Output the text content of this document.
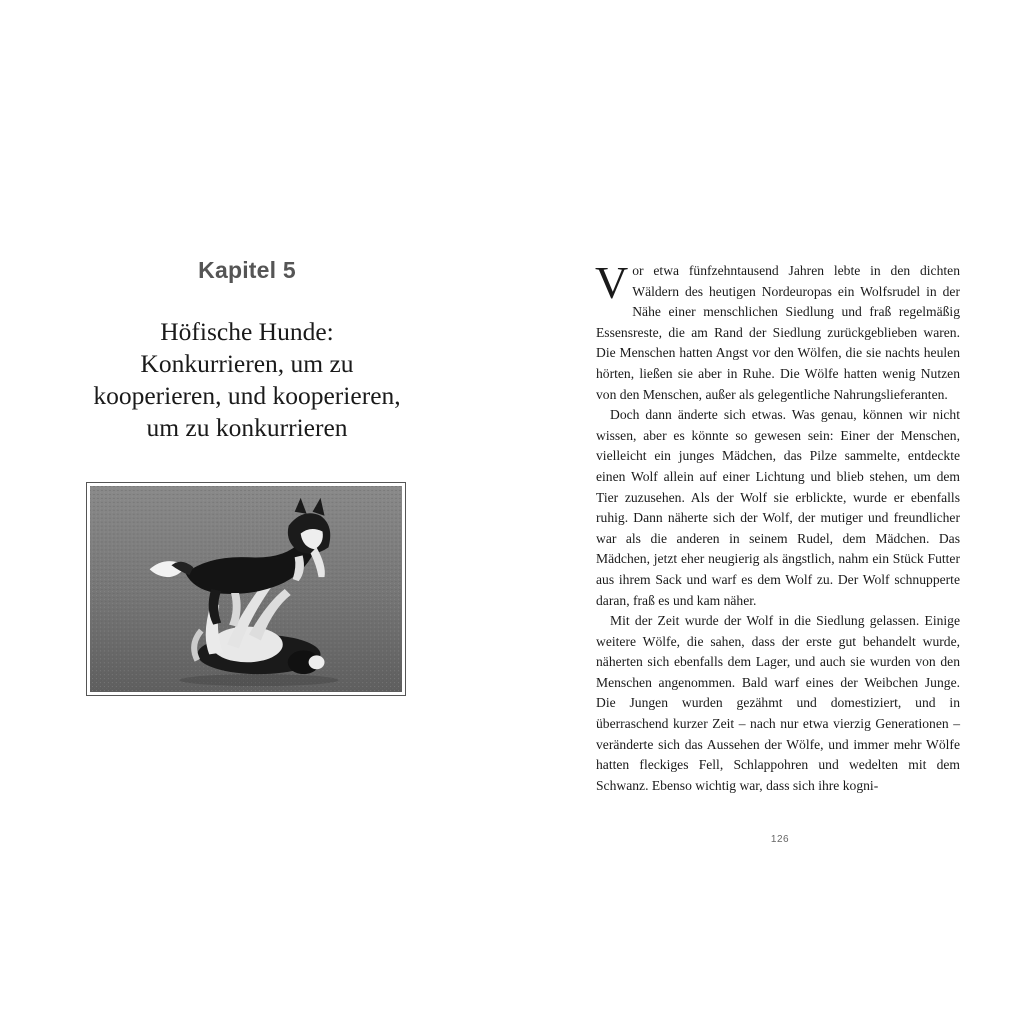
Kapitel 5
Höfische Hunde:
Konkurrieren, um zu
kooperieren, und kooperieren,
um zu konkurrieren

Vor etwa fünfzehntausend Jahren lebte in den dichten Wäldern des heutigen Nordeuropas ein Wolfsrudel in der Nähe einer menschlichen Siedlung und fraß regelmäßig Essensreste, die am Rand der Siedlung zurückgeblieben waren. Die Menschen hatten Angst vor den Wölfen, die sie nachts heulen hörten, ließen sie aber in Ruhe. Die Wölfe hatten wenig Nutzen von den Menschen, außer als gelegentliche Nahrungslieferanten.

Doch dann änderte sich etwas. Was genau, können wir nicht wissen, aber es könnte so gewesen sein: Einer der Menschen, vielleicht ein junges Mädchen, das Pilze sammelte, entdeckte einen Wolf allein auf einer Lichtung und blieb stehen, um dem Tier zuzusehen. Als der Wolf sie erblickte, wurde er ebenfalls ruhig. Dann näherte sich der Wolf, der mutiger und freundlicher war als die anderen in seinem Rudel, dem Mädchen. Das Mädchen, jetzt eher neugierig als ängstlich, nahm ein Stück Futter aus ihrem Sack und warf es dem Wolf zu. Der Wolf schnupperte daran, fraß es und kam näher.

Mit der Zeit wurde der Wolf in die Siedlung gelassen. Einige weitere Wölfe, die sahen, dass der erste gut behandelt wurde, näherten sich ebenfalls dem Lager, und auch sie wurden von den Menschen angenommen. Bald warf eines der Weibchen Junge. Die Jungen wurden gezähmt und domestiziert, und in überraschend kurzer Zeit – nach nur etwa vierzig Generationen – veränderte sich das Aussehen der Wölfe, und immer mehr Wölfe hatten fleckiges Fell, Schlappohren und wedelten mit dem Schwanz. Ebenso wichtig war, dass sich ihre kogni-

126
